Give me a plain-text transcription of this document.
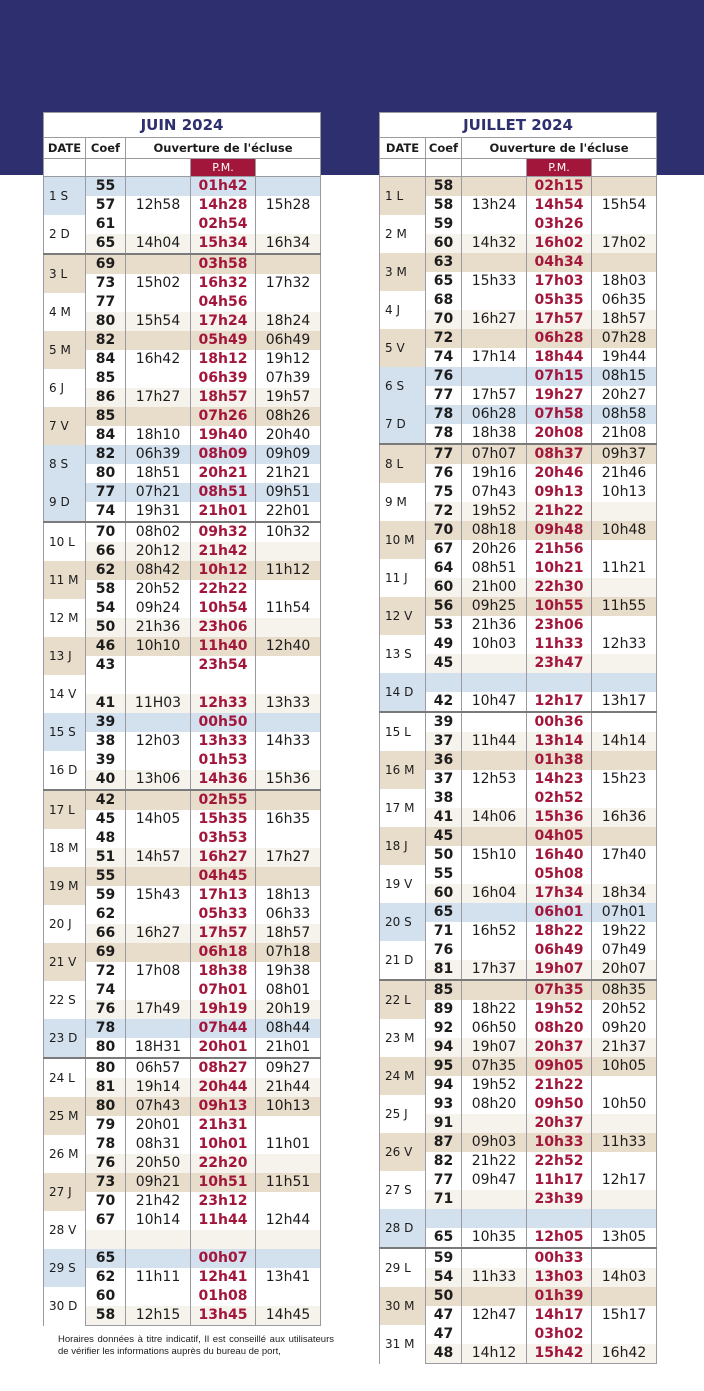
JUIN 2024				
DATE	Coef	Ouverture de l'écluse		
			P.M.	
1 S	55		01h42	
	57	12h58	14h28	15h28
2 D	61		02h54	
	65	14h04	15h34	16h34
3 L	69		03h58	
	73	15h02	16h32	17h32
4 M	77		04h56	
	80	15h54	17h24	18h24
5 M	82		05h49	06h49
	84	16h42	18h12	19h12
6 J	85		06h39	07h39
	86	17h27	18h57	19h57
7 V	85		07h26	08h26
	84	18h10	19h40	20h40
8 S	82	06h39	08h09	09h09
	80	18h51	20h21	21h21
9 D	77	07h21	08h51	09h51
	74	19h31	21h01	22h01
10 L	70	08h02	09h32	10h32
	66	20h12	21h42	
11 M	62	08h42	10h12	11h12
	58	20h52	22h22	
12 M	54	09h24	10h54	11h54
	50	21h36	23h06	
13 J	46	10h10	11h40	12h40
	43		23h54	
14 V				
	41	11H03	12h33	13h33
15 S	39		00h50	
	38	12h03	13h33	14h33
16 D	39		01h53	
	40	13h06	14h36	15h36
17 L	42		02h55	
	45	14h05	15h35	16h35
18 M	48		03h53	
	51	14h57	16h27	17h27
19 M	55		04h45	
	59	15h43	17h13	18h13
20 J	62		05h33	06h33
	66	16h27	17h57	18h57
21 V	69		06h18	07h18
	72	17h08	18h38	19h38
22 S	74		07h01	08h01
	76	17h49	19h19	20h19
23 D	78		07h44	08h44
	80	18H31	20h01	21h01
24 L	80	06h57	08h27	09h27
	81	19h14	20h44	21h44
25 M	80	07h43	09h13	10h13
	79	20h01	21h31	
26 M	78	08h31	10h01	11h01
	76	20h50	22h20	
27 J	73	09h21	10h51	11h51
	70	21h42	23h12	
28 V	67	10h14	11h44	12h44

29 S	65		00h07	
	62	11h11	12h41	13h41
30 D	60		01h08	
	58	12h15	13h45	14h45
JUILLET 2024				
DATE	Coef	Ouverture de l'écluse		
			P.M.	
1 L	58		02h15	
	58	13h24	14h54	15h54
2 M	59		03h26	
	60	14h32	16h02	17h02
3 M	63		04h34	
	65	15h33	17h03	18h03
4 J	68		05h35	06h35
	70	16h27	17h57	18h57
5 V	72		06h28	07h28
	74	17h14	18h44	19h44
6 S	76		07h15	08h15
	77	17h57	19h27	20h27
7 D	78	06h28	07h58	08h58
	78	18h38	20h08	21h08
8 L	77	07h07	08h37	09h37
	76	19h16	20h46	21h46
9 M	75	07h43	09h13	10h13
	72	19h52	21h22	
10 M	70	08h18	09h48	10h48
	67	20h26	21h56	
11 J	64	08h51	10h21	11h21
	60	21h00	22h30	
12 V	56	09h25	10h55	11h55
	53	21h36	23h06	
13 S	49	10h03	11h33	12h33
	45		23h47	
14 D				
	42	10h47	12h17	13h17
15 L	39		00h36	
	37	11h44	13h14	14h14
16 M	36		01h38	
	37	12h53	14h23	15h23
17 M	38		02h52	
	41	14h06	15h36	16h36
18 J	45		04h05	
	50	15h10	16h40	17h40
19 V	55		05h08	
	60	16h04	17h34	18h34
20 S	65		06h01	07h01
	71	16h52	18h22	19h22
21 D	76		06h49	07h49
	81	17h37	19h07	20h07
22 L	85		07h35	08h35
	89	18h22	19h52	20h52
23 M	92	06h50	08h20	09h20
	94	19h07	20h37	21h37
24 M	95	07h35	09h05	10h05
	94	19h52	21h22	
25 J	93	08h20	09h50	10h50
	91		20h37	
26 V	87	09h03	10h33	11h33
	82	21h22	22h52	
27 S	77	09h47	11h17	12h17
	71		23h39	
28 D				
	65	10h35	12h05	13h05
29 L	59		00h33	
	54	11h33	13h03	14h03
30 M	50		01h39	
	47	12h47	14h17	15h17
31 M	47		03h02	
	48	14h12	15h42	16h42
Horaires données à titre indicatif, Il est conseillé aux utilisateurs de vérifier les informations auprès du bureau de port,
